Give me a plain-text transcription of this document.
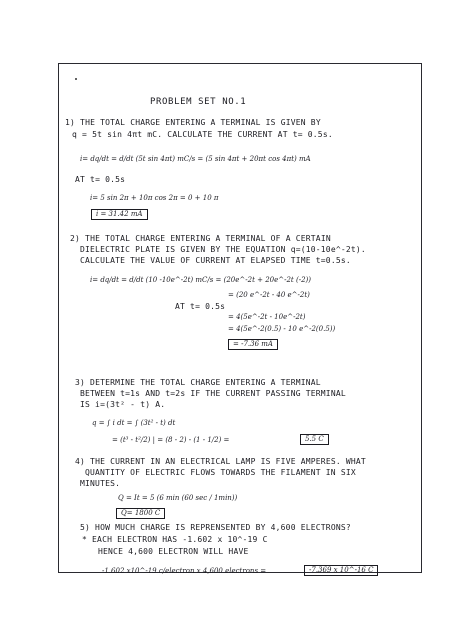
PROBLEM SET NO.1
1) THE TOTAL CHARGE ENTERING A TERMINAL IS GIVEN BY
q = 5t sin 4πt mC. CALCULATE THE CURRENT AT t= 0.5s.
i= dq/dt = d/dt (5t sin 4πt) mC/s = (5 sin 4πt + 20πt cos 4πt) mA
AT t= 0.5s
i= 5 sin 2π + 10π cos 2π = 0 + 10 π
i = 31.42 mA
2) THE TOTAL CHARGE ENTERING A TERMINAL OF A CERTAIN
DIELECTRIC PLATE IS GIVEN BY THE EQUATION q=(10-10e^-2t).
CALCULATE THE VALUE OF CURRENT AT ELAPSED TIME t=0.5s.
i= dq/dt = d/dt (10 -10e^-2t) mC/s = (20e^-2t + 20e^-2t (-2))
= (20 e^-2t - 40 e^-2t)
AT t= 0.5s
= 4(5e^-2t - 10e^-2t)
= 4(5e^-2(0.5) - 10 e^-2(0.5))
= -7.36 mA
3) DETERMINE THE TOTAL CHARGE ENTERING A TERMINAL
BETWEEN t=1s AND t=2s IF THE CURRENT PASSING TERMINAL
IS i=(3t² - t) A.
q = ∫ i dt = ∫ (3t² - t) dt
= (t³ - t²/2) | = (8 - 2) - (1 - 1/2) =	5.5 C
4) THE CURRENT IN AN ELECTRICAL LAMP IS FIVE AMPERES. WHAT
QUANTITY OF ELECTRIC FLOWS TOWARDS THE FILAMENT IN SIX
MINUTES.
Q = It = 5 (6 min (60 sec / 1min))
Q= 1800 C
5) HOW MUCH CHARGE IS REPRENSENTED BY 4,600 ELECTRONS?
* EACH ELECTRON HAS -1.602 x 10^-19 C
HENCE 4,600 ELECTRON WILL HAVE
-1.602 x10^-19 c/electron x 4,600 electrons =	-7.369 x 10^-16 C
